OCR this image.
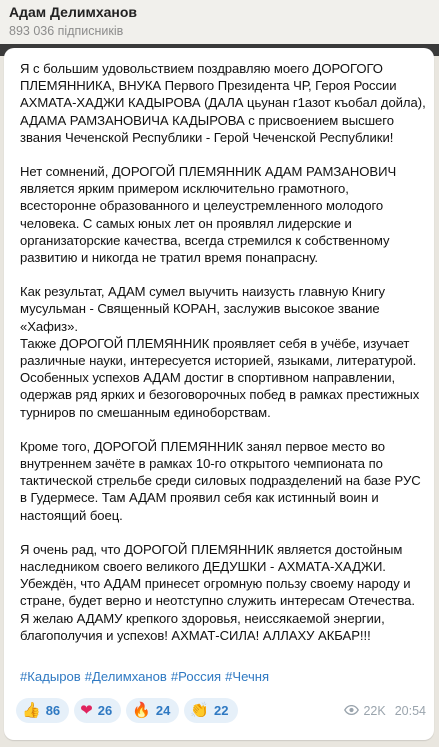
Адам Делимханов
893 036 підписників

Я с большим удовольствием поздравляю моего ДОРОГОГО ПЛЕМЯННИКА, ВНУКА Первого Президента ЧР, Героя России АХМАТА-ХАДЖИ КАДЫРОВА (ДАЛА цьунан г1азот къобал дойла), АДАМА РАМЗАНОВИЧА КАДЫРОВА с присвоением высшего звания Чеченской Республики - Герой Чеченской Республики!

Нет сомнений, ДОРОГОЙ ПЛЕМЯННИК АДАМ РАМЗАНОВИЧ является ярким примером исключительно грамотного, всесторонне образованного и целеустремленного молодого человека. С самых юных лет он проявлял лидерские и организаторские качества, всегда стремился к собственному развитию и никогда не тратил время понапрасну.

Как результат, АДАМ сумел выучить наизусть главную Книгу мусульман - Священный КОРАН, заслужив высокое звание «Хафиз».

Также ДОРОГОЙ ПЛЕМЯННИК проявляет себя в учёбе, изучает различные науки, интересуется историей, языками, литературой. Особенных успехов АДАМ достиг в спортивном направлении, одержав ряд ярких и безоговорочных побед в рамках престижных турниров по смешанным единоборствам.

Кроме того, ДОРОГОЙ ПЛЕМЯННИК занял первое место во внутреннем зачёте в рамках 10-го открытого чемпионата по тактической стрельбе среди силовых подразделений на базе РУС в Гудермесе. Там АДАМ проявил себя как истинный воин и настоящий боец.

Я очень рад, что ДОРОГОЙ ПЛЕМЯННИК является достойным наследником своего великого ДЕДУШКИ - АХМАТА-ХАДЖИ. Убеждён, что АДАМ принесет огромную пользу своему народу и стране, будет верно и неотступно служить интересам Отечества.

Я желаю АДАМУ крепкого здоровья, неиссякаемой энергии, благополучия и успехов! АХМАТ-СИЛА! АЛЛАХУ АКБАР!!!

#Кадыров #Делимханов #Россия #Чечня
👍 86 ❤ 26 🔥 24 👏 22	22K 20:54
